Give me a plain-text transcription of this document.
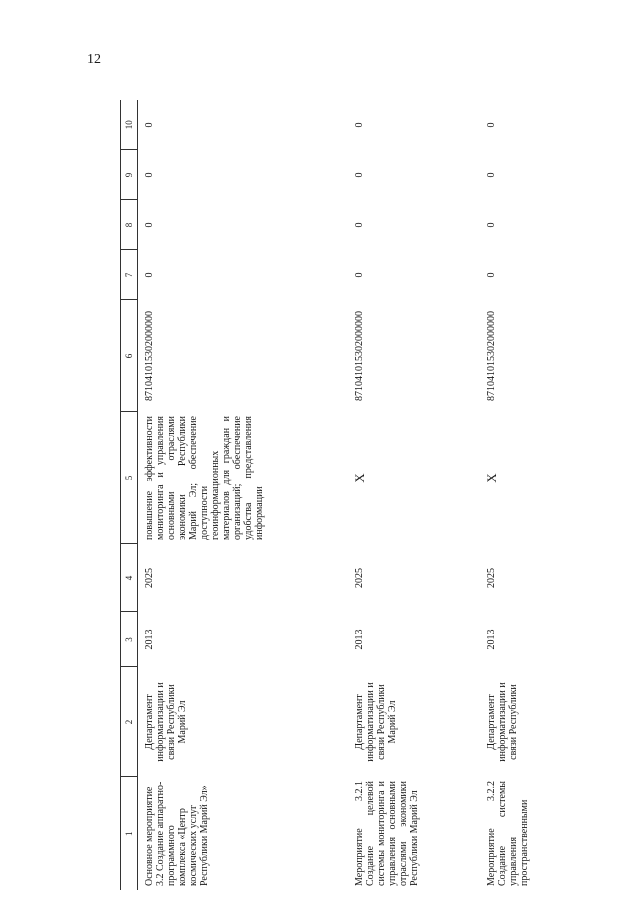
12
1	2	3	4	5	6	7	8	9	10
Основное мероприятие 3.2 Создание аппаратно-программного комплекса «Центр космических услуг Республики Марий Эл»	Департамент информатизации и связи Республики Марий Эл	2013	2025	повышение эффективности мониторинга и управления основными отраслями экономики Республики Марий Эл; обеспечение доступности геоинформационных материалов для граждан и организаций; обеспечение удобства представления информации	871041015302000000	0	0	0	0
Мероприятие 3.2.1 Создание целевой системы мониторинга и управления основными отраслями экономики Республики Марий Эл	Департамент информатизации и связи Республики Марий Эл	2013	2025	X	871041015302000000	0	0	0	0
Мероприятие 3.2.2 Создание системы управления пространственными	Департамент информатизации и связи Республики	2013	2025	X	871041015302000000	0	0	0	0
